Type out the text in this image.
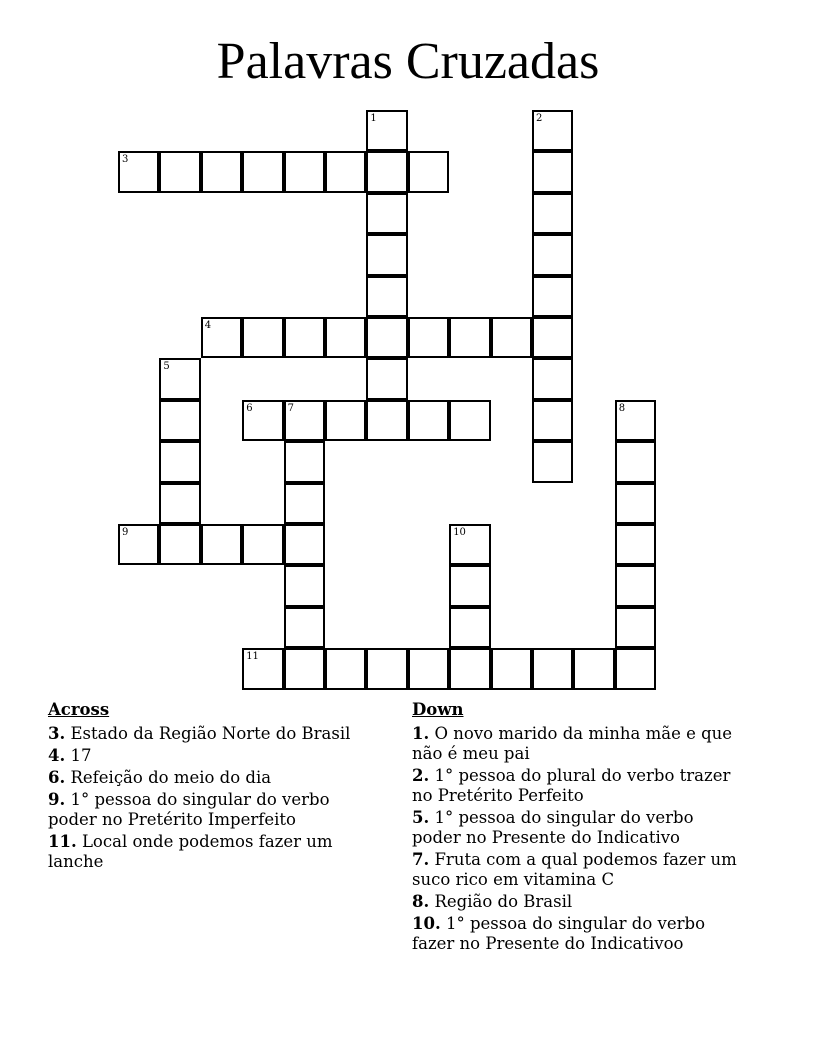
Palavras Cruzadas
1	2
3
4
5
6	7	8
9	10
11
Across
3. Estado da Região Norte do Brasil
4. 17
6. Refeição do meio do dia
9. 1° pessoa do singular do verbo poder no Pretérito Imperfeito
11. Local onde podemos fazer um lanche
Down
1. O novo marido da minha mãe e que não é meu pai
2. 1° pessoa do plural do verbo trazer no Pretérito Perfeito
5. 1° pessoa do singular do verbo poder no Presente do Indicativo
7. Fruta com a qual podemos fazer um suco rico em vitamina C
8. Região do Brasil
10. 1° pessoa do singular do verbo fazer no Presente do Indicativoo
